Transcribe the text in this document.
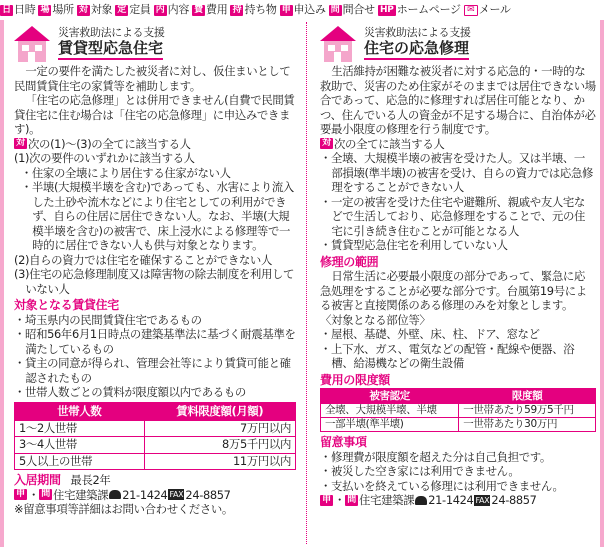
日 日時 場 場所 対 対象 定 定員 内 内容 費 費用 持 持ち物 申 申込み 問 問合せ HP ホームページ ✉ メール
災害救助法による支援
賃貸型応急住宅

一定の要件を満たした被災者に対し、仮住まいとして民間賃貸住宅の家賃等を補助します。

「住宅の応急修理」とは併用できません(自費で民間賃貸住宅に住む場合は「住宅の応急修理」に申込みできます)。

対 次の(1)～(3)の全てに該当する人

(1)次の要件のいずれかに該当する人

・住家の全壊により居住する住家がない人

・半壊(大規模半壊を含む)であっても、水害により流入した土砂や流木などにより住宅としての利用ができず、自らの住居に居住できない人。なお、半壊(大規模半壊を含む)の被害で、床上浸水による修理等で一時的に居住できない人も供与対象となります。

(2)自らの資力では住宅を確保することができない人

(3)住宅の応急修理制度又は障害物の除去制度を利用していない人

対象となる賃貸住宅

・埼玉県内の民間賃貸住宅であるもの

・昭和56年6月1日時点の建築基準法に基づく耐震基準を満たしているもの

・貸主の同意が得られ、管理会社等により賃貸可能と確認されたもの

・世帯人数ごとの賃料が限度額以内であるもの

世帯人数	賃料限度額(月額)
1～2人世帯	7万円以内
3～4人世帯	8万5千円以内
5人以上の世帯	11万円以内

入居期間 最長2年

申 ・ 問 住宅建築課 21-1424 FAX 24-8857

※留意事項等詳細はお問い合わせください。

災害救助法による支援
住宅の応急修理

生活維持が困難な被災者に対する応急的・一時的な救助で、災害のため住家がそのままでは居住できない場合であって、応急的に修理すれば居住可能となり、かつ、住んでいる人の資金が不足する場合に、自治体が必要最小限度の修理を行う制度です。

対 次の全てに該当する人

・全壊、大規模半壊の被害を受けた人。又は半壊、一部損壊(準半壊)の被害を受け、自らの資力では応急修理をすることができない人

・一定の被害を受けた住宅や避難所、親戚や友人宅などで生活しており、応急修理をすることで、元の住宅に引き続き住むことが可能となる人

・賃貸型応急住宅を利用していない人

修理の範囲

日常生活に必要最小限度の部分であって、緊急に応急処理をすることが必要な部分です。台風第19号による被害と直接関係のある修理のみを対象とします。

〈対象となる部位等〉

・屋根、基礎、外壁、床、柱、ドア、窓など

・上下水、ガス、電気などの配管・配線や便器、浴槽、給湯機などの衛生設備

費用の限度額

被害認定	限度額
全壊、大規模半壊、半壊	一世帯あたり59万5千円
一部半壊(準半壊)	一世帯あたり30万円

留意事項

・修理費が限度額を超えた分は自己負担です。

・被災した空き家には利用できません。

・支払いを終えている修理には利用できません。

申 ・ 問 住宅建築課 21-1424 FAX 24-8857
